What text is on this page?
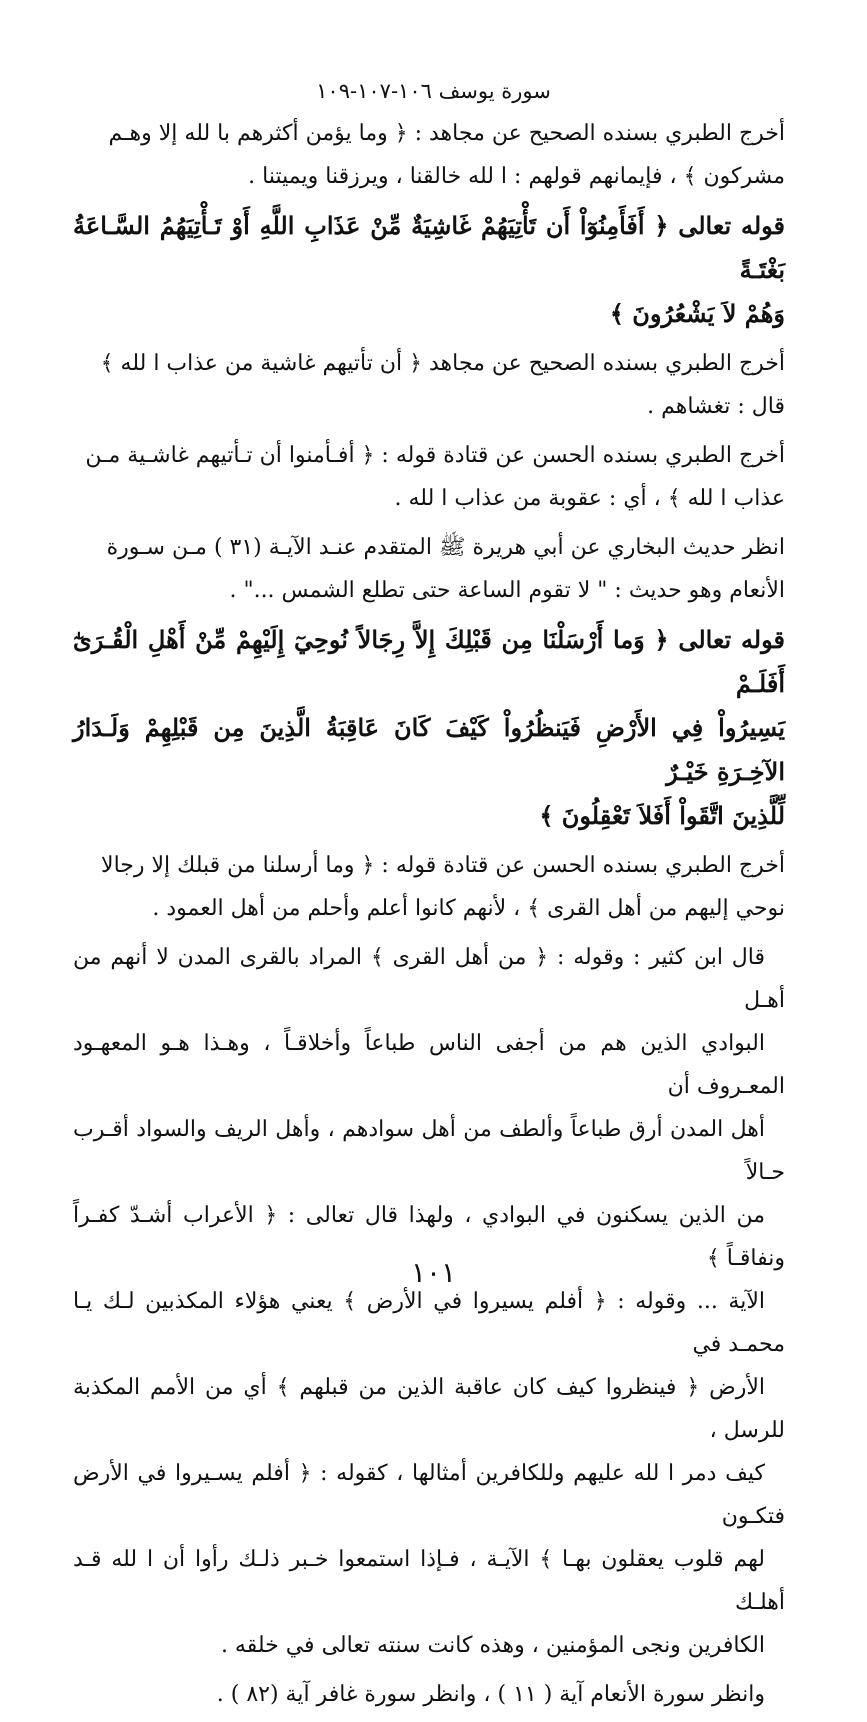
سورة يوسف ١٠٦-١٠٧-١٠٩

أخرج الطبري بسنده الصحيح عن مجاهد : ﴿ وما يؤمن أكثرهم با لله إلا وهـم
مشركون ﴾ ، فإيمانهم قولهم : ا لله خالقنا ، ويرزقنا ويميتنا .

قوله تعالى ﴿ أَفَأَمِنُوٓاْ أَن تَأْتِيَهُمْ غَاشِيَةٌ مِّنْ عَذَابِ اللَّهِ أَوْ تَـأْتِيَهُمُ السَّـاعَةُ بَغْتَـةً
وَهُمْ لاَ يَشْعُرُونَ ﴾

أخرج الطبري بسنده الصحيح عن مجاهد ﴿ أن تأتيهم غاشية من عذاب ا لله ﴾
قال : تغشاهم .

أخرج الطبري بسنده الحسن عن قتادة قوله : ﴿ أفـأمنوا أن تـأتيهم غاشـية مـن
عذاب ا لله ﴾ ، أي : عقوبة من عذاب ا لله .

انظر حديث البخاري عن أبي هريرة ﷺ المتقدم عنـد الآيـة (٣١ ) مـن سـورة
الأنعام وهو حديث : " لا تقوم الساعة حتى تطلع الشمس ..." .

قوله تعالى ﴿ وَما أَرْسَلْنَا مِن قَبْلِكَ إِلاَّ رِجَالاً نُوحِيٓ إِلَيْهِمْ مِّنْ أَهْلِ الْقُـرَىٰٓ أَفَلَـمْ
يَسِيرُواْ فِي الأَرْضِ فَيَنظُرُواْ كَيْفَ كَانَ عَاقِبَةُ الَّذِينَ مِن قَبْلِهِمْ وَلَـدَارُ الآخِـرَةِ خَيْـرٌ
لِّلَّذِينَ اتَّقَواْ أَفَلاَ تَعْقِلُونَ ﴾

أخرج الطبري بسنده الحسن عن قتادة قوله : ﴿ وما أرسلنا من قبلك إلا رجالا
نوحي إليهم من أهل القرى ﴾ ، لأنهم كانوا أعلم وأحلم من أهل العمود .

قال ابن كثير : وقوله : ﴿ من أهل القرى ﴾ المراد بالقرى المدن لا أنهم من أهـل
البوادي الذين هم من أجفى الناس طباعاً وأخلاقـاً ، وهـذا هـو المعهـود المعـروف أن
أهل المدن أرق طباعاً وألطف من أهل سوادهم ، وأهل الريف والسواد أقـرب حـالاً
من الذين يسكنون في البوادي ، ولهذا قال تعالى : ﴿ الأعراب أشـدّ كفـراً ونفاقـاً ﴾
الآية ... وقوله : ﴿ أفلم يسيروا في الأرض ﴾ يعني هؤلاء المكذبين لـك يـا محمـد في
الأرض ﴿ فينظروا كيف كان عاقبة الذين من قبلهم ﴾ أي من الأمم المكذبة للرسل ،
كيف دمر ا لله عليهم وللكافرين أمثالها ، كقوله : ﴿ أفلم يسـيروا في الأرض فتكـون
لهم قلوب يعقلون بهـا ﴾ الآيـة ، فـإذا استمعوا خـبر ذلـك رأوا أن ا لله قـد أهلـك
الكافرين ونجى المؤمنين ، وهذه كانت سنته تعالى في خلقه .

وانظر سورة الأنعام آية ( ١١ ) ، وانظر سورة غافر آية (٨٢ ) .

١٠١
